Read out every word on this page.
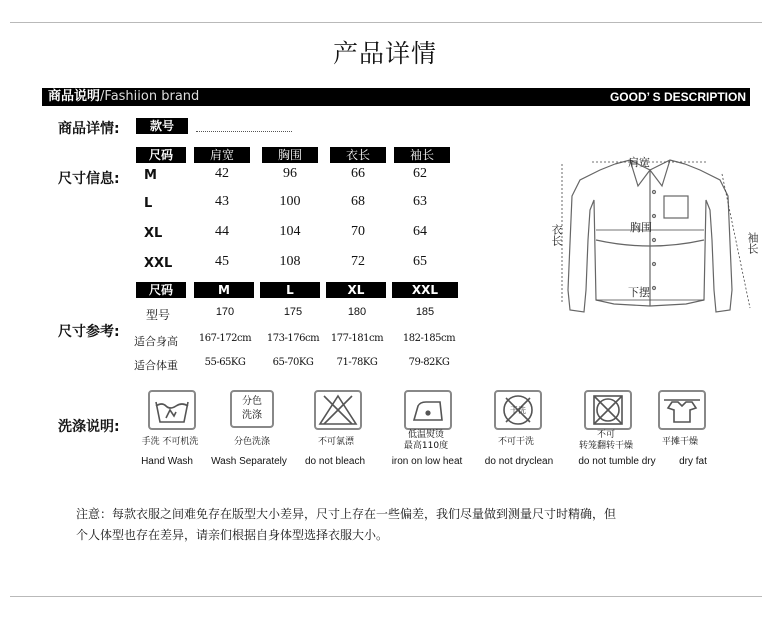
产品详情
商品说明/Fashiion brand	GOOD’ S DESCRIPTION
商品详情:	款号
尺寸信息:
尺码	肩宽	胸围	衣长	袖长
M	42	96	66	62
L	43	100	68	63
XL	44	104	70	64
XXL	45	108	72	65
尺码	M	L	XL	XXL
尺寸参考:
型号	170	175	180	185
适合身高	167-172cm	173-176cm	177-181cm	182-185cm
适合体重	55-65KG	65-70KG	71-78KG	79-82KG
肩宽
胸围
下摆
衣长	袖长
洗涤说明:
手洗 不可机洗
Hand Wash
分色
洗涤
分色洗涤
Wash Separately
不可氯漂
do not bleach
低温熨烫
最高110度
iron on low heat
干洗
不可干洗
do not dryclean
不可
转笼翻转干燥
do not tumble dry
平摊干燥
dry fat
注意：每款衣服之间难免存在版型大小差异，尺寸上存在一些偏差，我们尽量做到测量尺寸时精确，但
个人体型也存在差异，请亲们根据自身体型选择衣服大小。
